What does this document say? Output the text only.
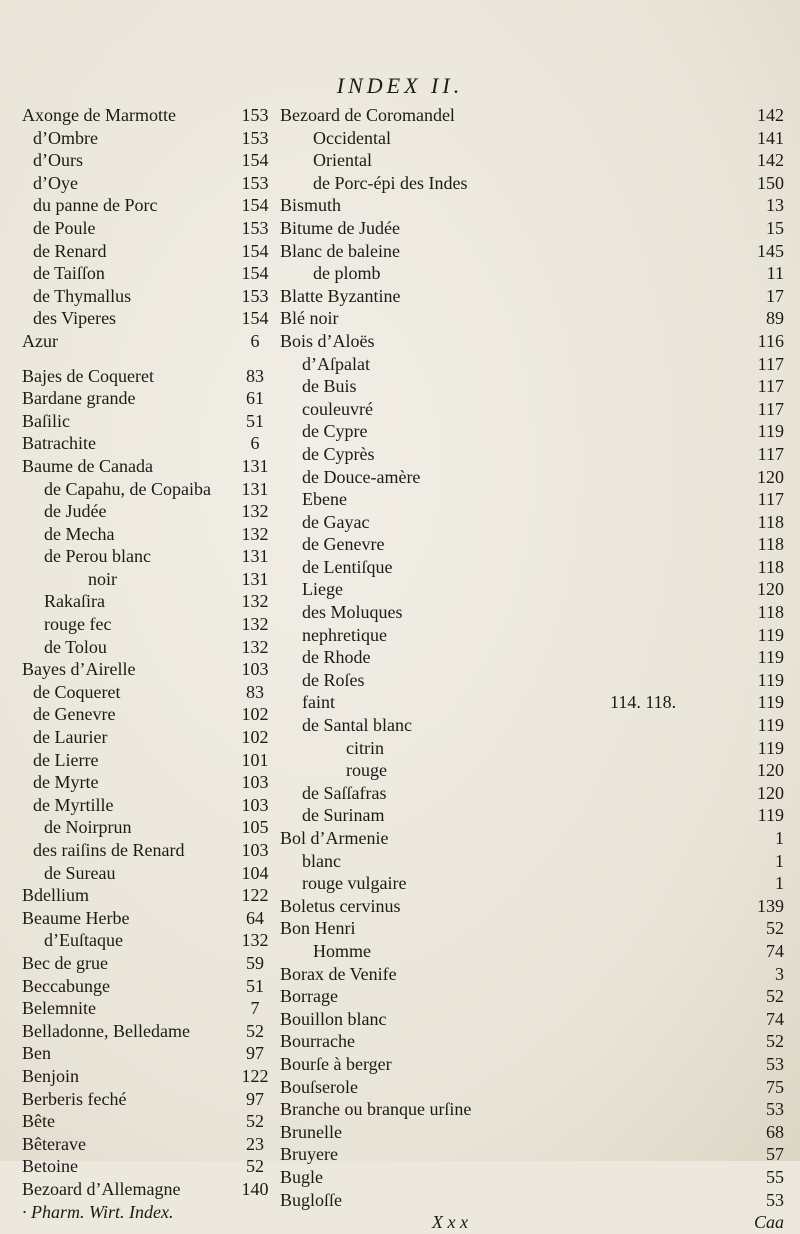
INDEX II.
Axonge de Marmotte	153
d’Ombre	153
d’Ours	154
d’Oye	153
du panne de Porc	154
de Poule	153
de Renard	154
de Taiſſon	154
de Thymallus	153
des Viperes	154
Azur	6
Bajes de Coqueret	83
Bardane grande	61
Baſilic	51
Batrachite	6
Baume de Canada	131
de Capahu, de Copaiba 131
de Judée	132
de Mecha	132
de Perou blanc	131
noir	131
Rakaſira	132
rouge fec	132
de Tolou	132
Bayes d’Airelle	103
de Coqueret	83
de Genevre	102
de Laurier	102
de Lierre	101
de Myrte	103
de Myrtille	103
de Noirprun	105
des raiſins de Renard	103
de Sureau	104
Bdellium	122
Beaume Herbe	64
d’Euſtaque	132
Bec de grue	59
Beccabunge	51
Belemnite	7
Belladonne, Belledame	52
Ben	97
Benjoin	122
Berberis feché	97
Bête	52
Bêterave	23
Betoine	52
Bezoard d’Allemagne	140
· Pharm. Wirt. Index.
Bezoard de Coromandel	142
Occidental	141
Oriental	142
de Porc-épi des Indes	150
Bismuth	13
Bitume de Judée	15
Blanc de baleine	145
de plomb	11
Blatte Byzantine	17
Blé noir	89
Bois d’Aloës	116
d’Aſpalat	117
de Buis	117
couleuvré	117
de Cypre	119
de Cyprès	117
de Douce-amère	120
Ebene	117
de Gayac	118
de Genevre	118
de Lentiſque	118
Liege	120
des Moluques	118
nephretique	119
de Rhode	119
de Roſes	119
faint	114. 118.	119
de Santal blanc	119
citrin	119
rouge	120
de Saſſafras	120
de Surinam	119
Bol d’Armenie	1
blanc	1
rouge vulgaire	1
Boletus cervinus	139
Bon Henri	52
Homme	74
Borax de Venife	3
Borrage	52
Bouillon blanc	74
Bourrache	52
Bourſe à berger	53
Bouſserole	75
Branche ou branque urſine	53
Brunelle	68
Bruyere	57
Bugle	55
Bugloſſe	53
X x x	Caa
